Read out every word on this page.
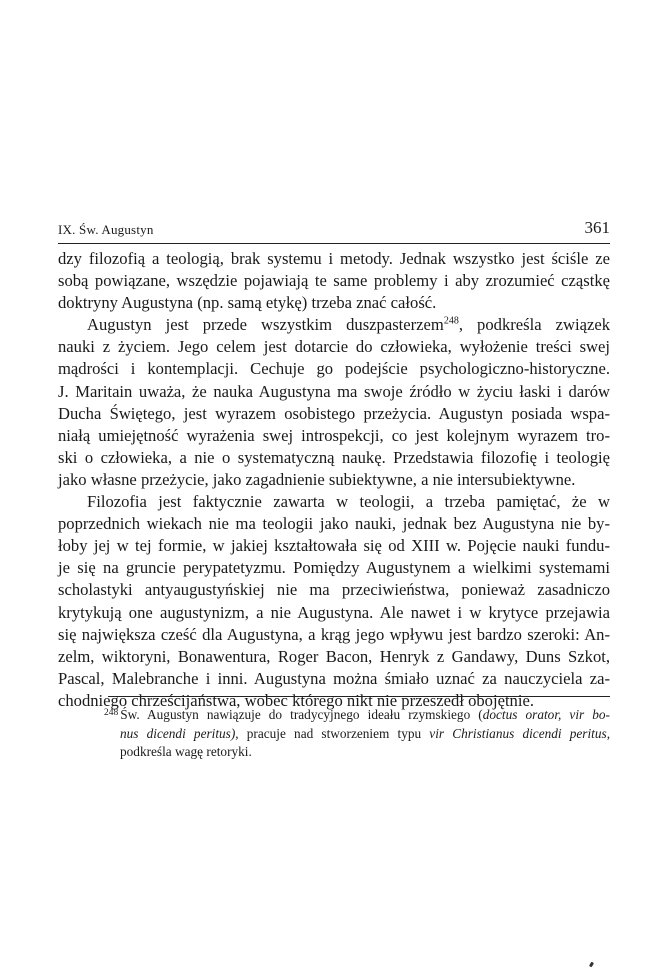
IX. Św. Augustyn	361
dzy filozofią a teologią, brak systemu i metody. Jednak wszystko jest ściśle ze
sobą powiązane, wszędzie pojawiają te same problemy i aby zrozumieć cząstkę
doktryny Augustyna (np. samą etykę) trzeba znać całość.
Augustyn jest przede wszystkim duszpasterzem$^{248}$, podkreśla związek
nauki z życiem. Jego celem jest dotarcie do człowieka, wyłożenie treści swej
mądrości i kontemplacji. Cechuje go podejście psychologiczno-historyczne.
J. Maritain uważa, że nauka Augustyna ma swoje źródło w życiu łaski i darów
Ducha Świętego, jest wyrazem osobistego przeżycia. Augustyn posiada wspa-
niałą umiejętność wyrażenia swej introspekcji, co jest kolejnym wyrazem tro-
ski o człowieka, a nie o systematyczną naukę. Przedstawia filozofię i teologię
jako własne przeżycie, jako zagadnienie subiektywne, a nie intersubiektywne.
Filozofia jest faktycznie zawarta w teologii, a trzeba pamiętać, że w
poprzednich wiekach nie ma teologii jako nauki, jednak bez Augustyna nie by-
łoby jej w tej formie, w jakiej kształtowała się od XIII w. Pojęcie nauki fundu-
je się na gruncie perypatetyzmu. Pomiędzy Augustynem a wielkimi systemami
scholastyki antyaugustyńskiej nie ma przeciwieństwa, ponieważ zasadniczo
krytykują one augustynizm, a nie Augustyna. Ale nawet i w krytyce przejawia
się największa cześć dla Augustyna, a krąg jego wpływu jest bardzo szeroki: An-
zelm, wiktoryni, Bonawentura, Roger Bacon, Henryk z Gandawy, Duns Szkot,
Pascal, Malebranche i inni. Augustyna można śmiało uznać za nauczyciela za-
chodniego chrześcijaństwa, wobec którego nikt nie przeszedł obojętnie.
$^{248}$ Św. Augustyn nawiązuje do tradycyjnego ideału rzymskiego (doctus orator, vir bo-
nus dicendi peritus), pracuje nad stworzeniem typu vir Christianus dicendi peritus,
podkreśla wagę retoryki.
